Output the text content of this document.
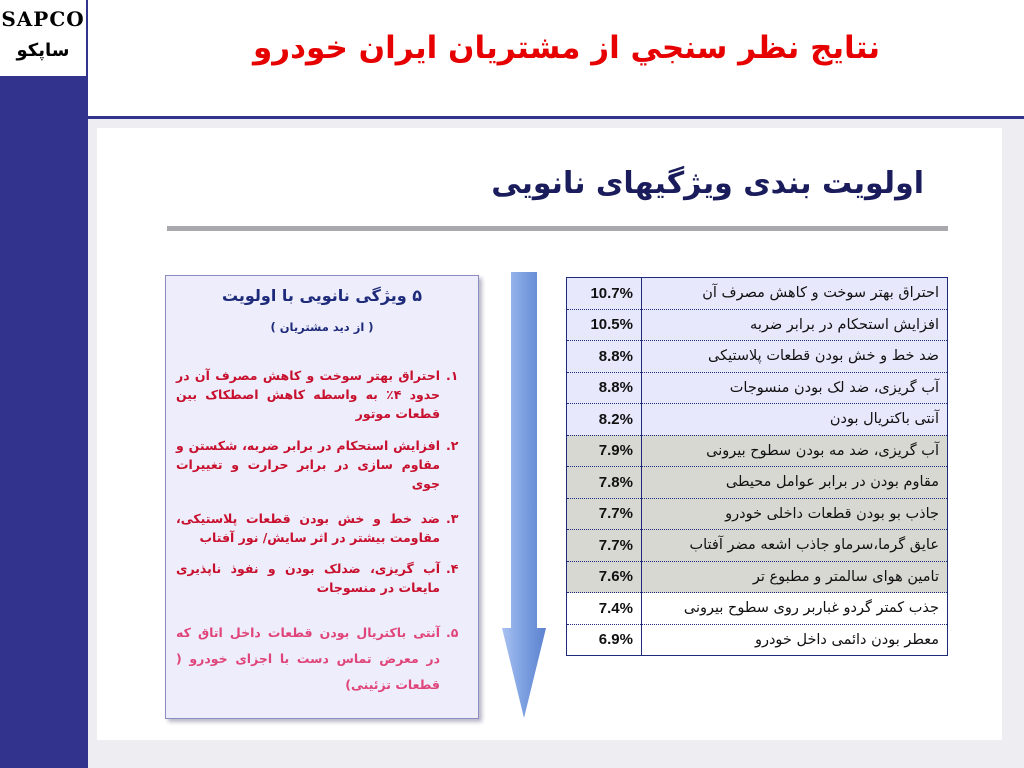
SAPCO
ساپکو	نتايج نظر سنجي از مشتريان ايران خودرو
اولویت بندی ویژگیهای نانویی
۵ ویژگی نانویی با اولویت
( از دید مشتریان )
۱.
احتراق بهتر سوخت و کاهش مصرف آن در حدود ۴٪ به واسطه کاهش اصطکاک بین قطعات موتور
۲.
افزایش استحکام در برابر ضربه، شکستن و مقاوم سازی در برابر حرارت و تغییرات جوی
۳.
ضد خط و خش بودن قطعات پلاستیکی، مقاومت بیشتر در اثر سایش/ نور آفتاب
۴.
آب گریزی، ضدلک بودن و نفوذ ناپذیری مایعات در منسوجات
۵.
آنتی باکتریال بودن قطعات داخل اتاق که در معرض تماس دست با اجزای خودرو ( قطعات تزئینی)
10.7%	احتراق بهتر سوخت و کاهش مصرف آن
10.5%	افزایش استحکام در برابر ضربه
8.8%	ضد خط و خش بودن قطعات پلاستیکی
8.8%	آب گریزی، ضد لک بودن منسوجات
8.2%	آنتی باکتریال بودن
7.9%	آب گریزی، ضد مه بودن سطوح بیرونی
7.8%	مقاوم بودن در برابر عوامل محیطی
7.7%	جاذب بو بودن قطعات داخلی خودرو
7.7%	عایق گرما،سرماو جاذب اشعه مضر آفتاب
7.6%	تامین هوای سالمتر و مطبوع تر
7.4%	جذب کمتر گردو غباربر روی سطوح بیرونی
6.9%	معطر بودن دائمی داخل خودرو
